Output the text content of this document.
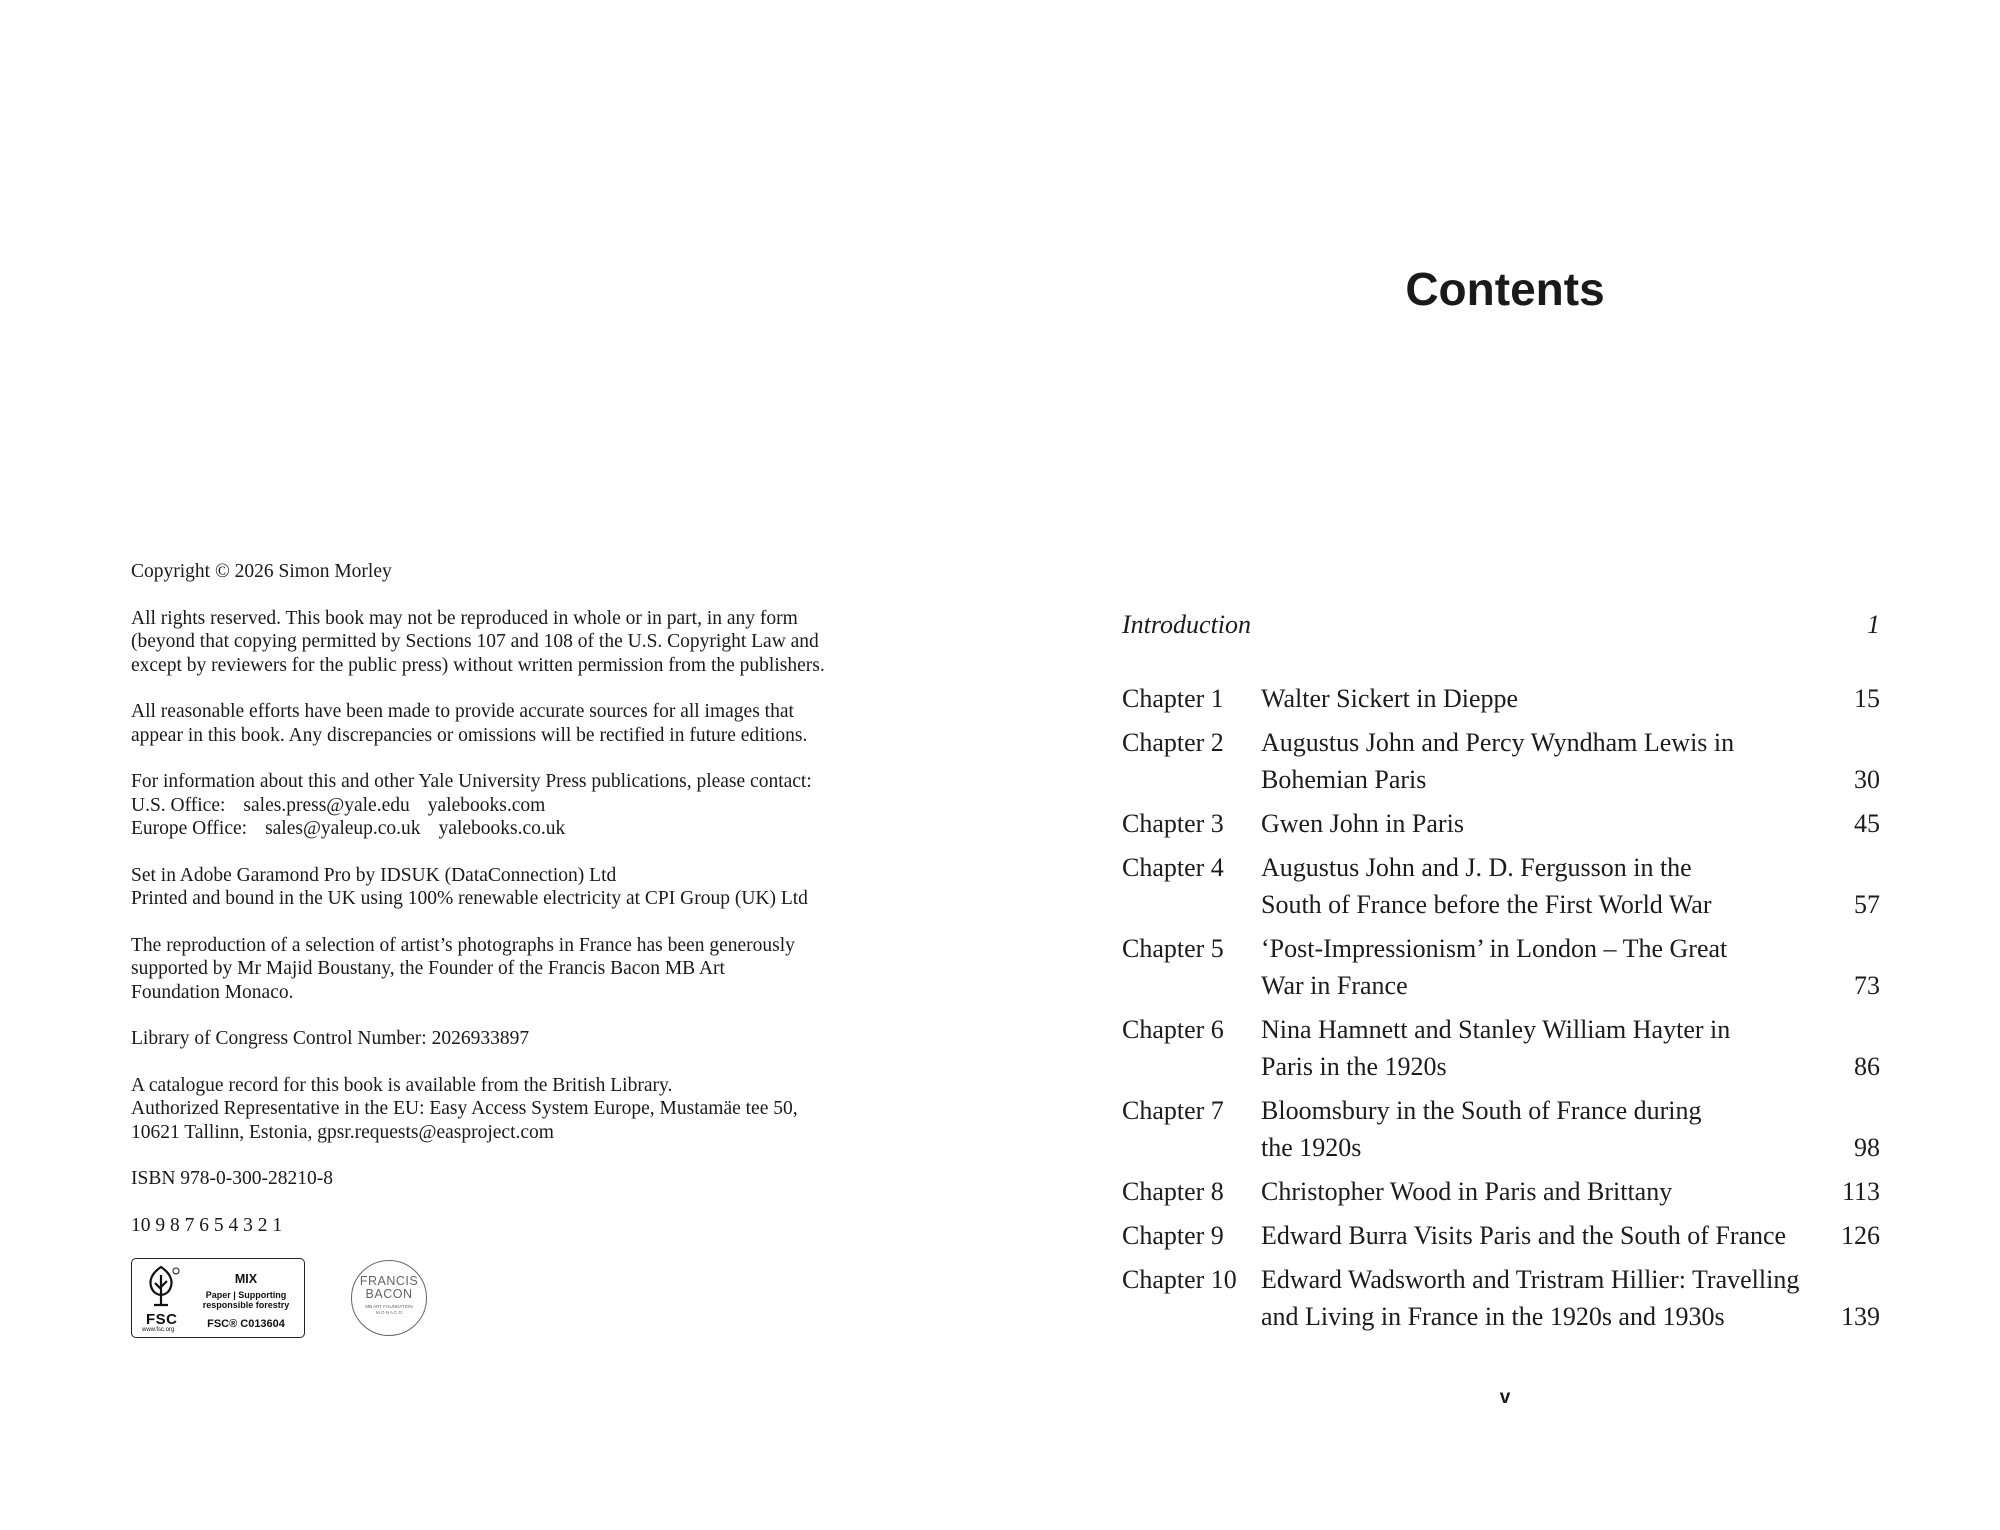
Copyright © 2026 Simon Morley

All rights reserved. This book may not be reproduced in whole or in part, in any form
(beyond that copying permitted by Sections 107 and 108 of the U.S. Copyright Law and
except by reviewers for the public press) without written permission from the publishers.

All reasonable efforts have been made to provide accurate sources for all images that
appear in this book. Any discrepancies or omissions will be rectified in future editions.

For information about this and other Yale University Press publications, please contact:
U.S. Office: sales.press@yale.edu yalebooks.com
Europe Office: sales@yaleup.co.uk yalebooks.co.uk

Set in Adobe Garamond Pro by IDSUK (DataConnection) Ltd
Printed and bound in the UK using 100% renewable electricity at CPI Group (UK) Ltd

The reproduction of a selection of artist’s photographs in France has been generously
supported by Mr Majid Boustany, the Founder of the Francis Bacon MB Art
Foundation Monaco.

Library of Congress Control Number: 2026933897

A catalogue record for this book is available from the British Library.
Authorized Representative in the EU: Easy Access System Europe, Mustamäe tee 50,
10621 Tallinn, Estonia, gpsr.requests@easproject.com

ISBN 978-0-300-28210-8

10 9 8 7 6 5 4 3 2 1

FSC
www.fsc.org
MIX
Paper | Supporting responsible forestry
FSC® C013604
FRANCIS
BACON
MB ART FOUNDATION
M O N A C O
Contents
Introduction	1
Chapter 1 Walter Sickert in Dieppe	15
Chapter 2 Augustus John and Percy Wyndham Lewis in
Bohemian Paris	30
Chapter 3 Gwen John in Paris	45
Chapter 4 Augustus John and J. D. Fergusson in the
South of France before the First World War	57
Chapter 5 ‘Post-Impressionism’ in London – The Great
War in France	73
Chapter 6 Nina Hamnett and Stanley William Hayter in
Paris in the 1920s	86
Chapter 7 Bloomsbury in the South of France during
the 1920s	98
Chapter 8 Christopher Wood in Paris and Brittany	113
Chapter 9 Edward Burra Visits Paris and the South of France	126
Chapter 10 Edward Wadsworth and Tristram Hillier: Travelling
and Living in France in the 1920s and 1930s	139
v
